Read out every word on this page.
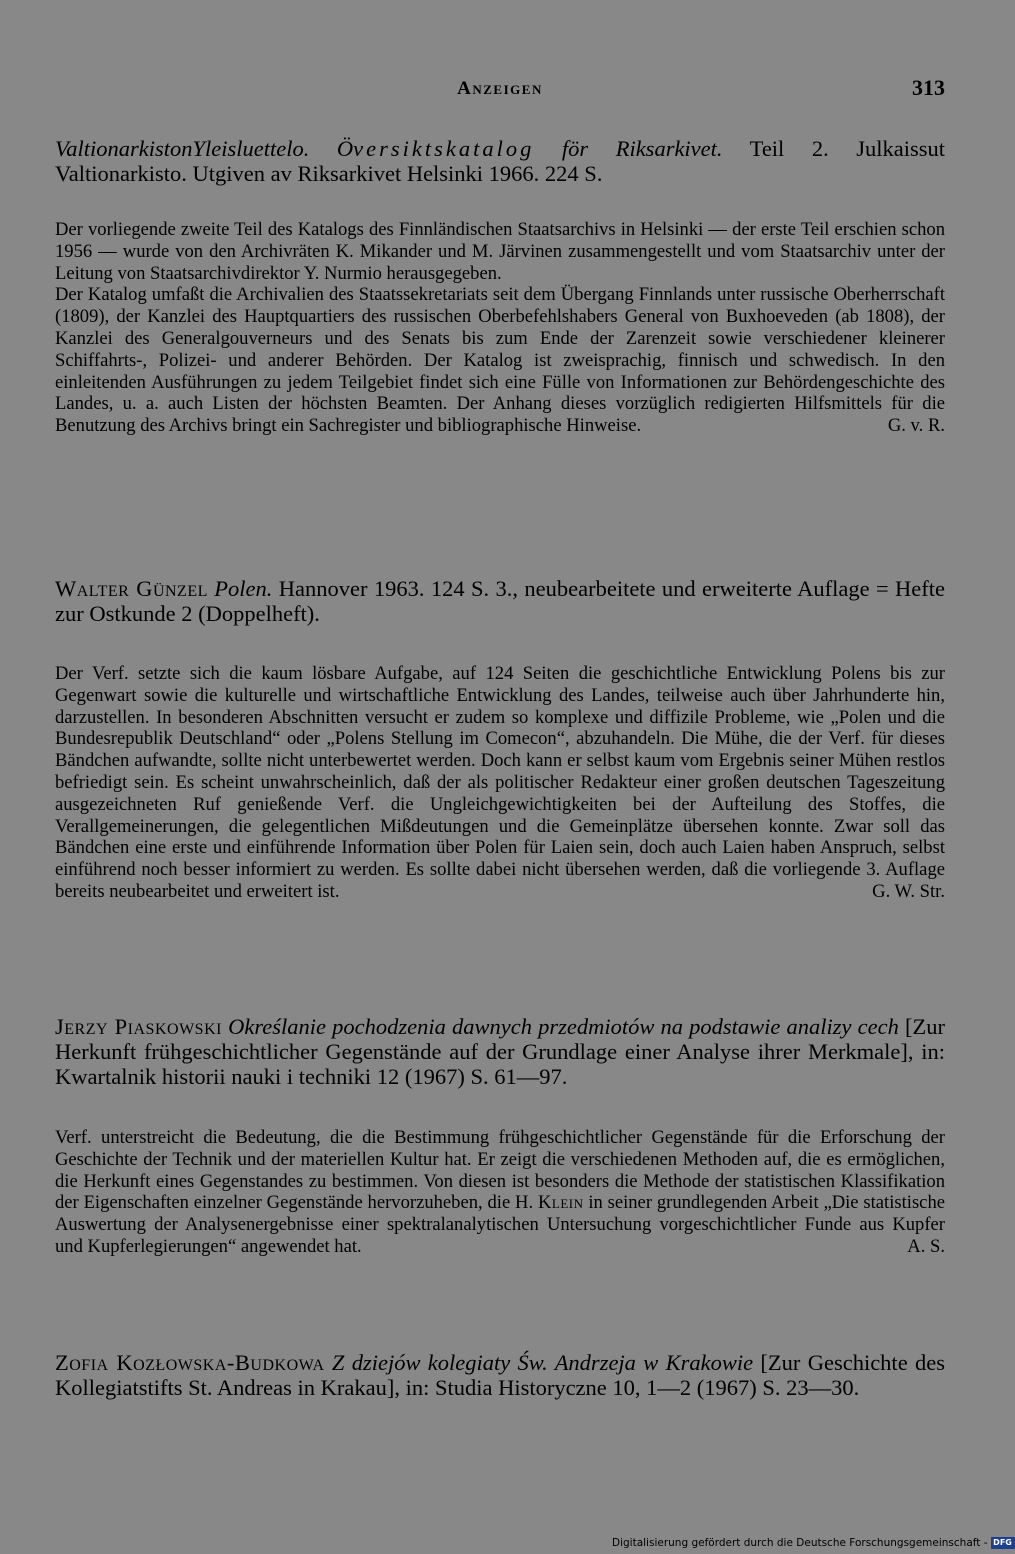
Anzeigen	313

ValtionarkistonYleisluettelo. Översiktskatalog för Riksarkivet. Teil 2. Julkaissut Valtionarkisto. Utgiven av Riksarkivet Helsinki 1966. 224 S.

Der vorliegende zweite Teil des Katalogs des Finnländischen Staatsarchivs in Helsinki — der erste Teil erschien schon 1956 — wurde von den Archivräten K. Mikander und M. Järvinen zusammengestellt und vom Staatsarchiv unter der Leitung von Staatsarchivdirektor Y. Nurmio herausgegeben.

Der Katalog umfaßt die Archivalien des Staatssekretariats seit dem Übergang Finnlands unter russische Oberherrschaft (1809), der Kanzlei des Hauptquartiers des russischen Oberbefehlshabers General von Buxhoeveden (ab 1808), der Kanzlei des Generalgouverneurs und des Senats bis zum Ende der Zarenzeit sowie verschiedener kleinerer Schiffahrts-, Polizei- und anderer Behörden. Der Katalog ist zweisprachig, finnisch und schwedisch. In den einleitenden Ausführungen zu jedem Teilgebiet findet sich eine Fülle von Informationen zur Behördengeschichte des Landes, u. a. auch Listen der höchsten Beamten. Der Anhang dieses vorzüglich redigierten Hilfsmittels für die Benutzung des Archivs bringt ein Sachregister und bibliographische Hinweise.	G. v. R.

Walter Günzel Polen. Hannover 1963. 124 S. 3., neubearbeitete und erweiterte Auflage = Hefte zur Ostkunde 2 (Doppelheft).

Der Verf. setzte sich die kaum lösbare Aufgabe, auf 124 Seiten die geschichtliche Entwicklung Polens bis zur Gegenwart sowie die kulturelle und wirtschaftliche Entwicklung des Landes, teilweise auch über Jahrhunderte hin, darzustellen. In besonderen Abschnitten versucht er zudem so komplexe und diffizile Probleme, wie „Polen und die Bundesrepublik Deutschland“ oder „Polens Stellung im Comecon“, abzuhandeln. Die Mühe, die der Verf. für dieses Bändchen aufwandte, sollte nicht unterbewertet werden. Doch kann er selbst kaum vom Ergebnis seiner Mühen restlos befriedigt sein. Es scheint unwahrscheinlich, daß der als politischer Redakteur einer großen deutschen Tageszeitung ausgezeichneten Ruf genießende Verf. die Ungleichgewichtigkeiten bei der Aufteilung des Stoffes, die Verallgemeinerungen, die gelegentlichen Mißdeutungen und die Gemeinplätze übersehen konnte. Zwar soll das Bändchen eine erste und einführende Information über Polen für Laien sein, doch auch Laien haben Anspruch, selbst einführend noch besser informiert zu werden. Es sollte dabei nicht übersehen werden, daß die vorliegende 3. Auflage bereits neubearbeitet und erweitert ist.	G. W. Str.

Jerzy Piaskowski Określanie pochodzenia dawnych przedmiotów na podstawie analizy cech [Zur Herkunft frühgeschichtlicher Gegenstände auf der Grundlage einer Analyse ihrer Merkmale], in: Kwartalnik historii nauki i techniki 12 (1967) S. 61—97.

Verf. unterstreicht die Bedeutung, die die Bestimmung frühgeschichtlicher Gegenstände für die Erforschung der Geschichte der Technik und der materiellen Kultur hat. Er zeigt die verschiedenen Methoden auf, die es ermöglichen, die Herkunft eines Gegenstandes zu bestimmen. Von diesen ist besonders die Methode der statistischen Klassifikation der Eigenschaften einzelner Gegenstände hervorzuheben, die H. Klein in seiner grundlegenden Arbeit „Die statistische Auswertung der Analysenergebnisse einer spektralanalytischen Untersuchung vorgeschichtlicher Funde aus Kupfer und Kupferlegierungen“ angewendet hat.	A. S.

Zofia Kozłowska-Budkowa Z dziejów kolegiaty Św. Andrzeja w Krakowie [Zur Geschichte des Kollegiatstifts St. Andreas in Krakau], in: Studia Historyczne 10, 1—2 (1967) S. 23—30.

Digitalisierung gefördert durch die Deutsche Forschungsgemeinschaft - DFG
